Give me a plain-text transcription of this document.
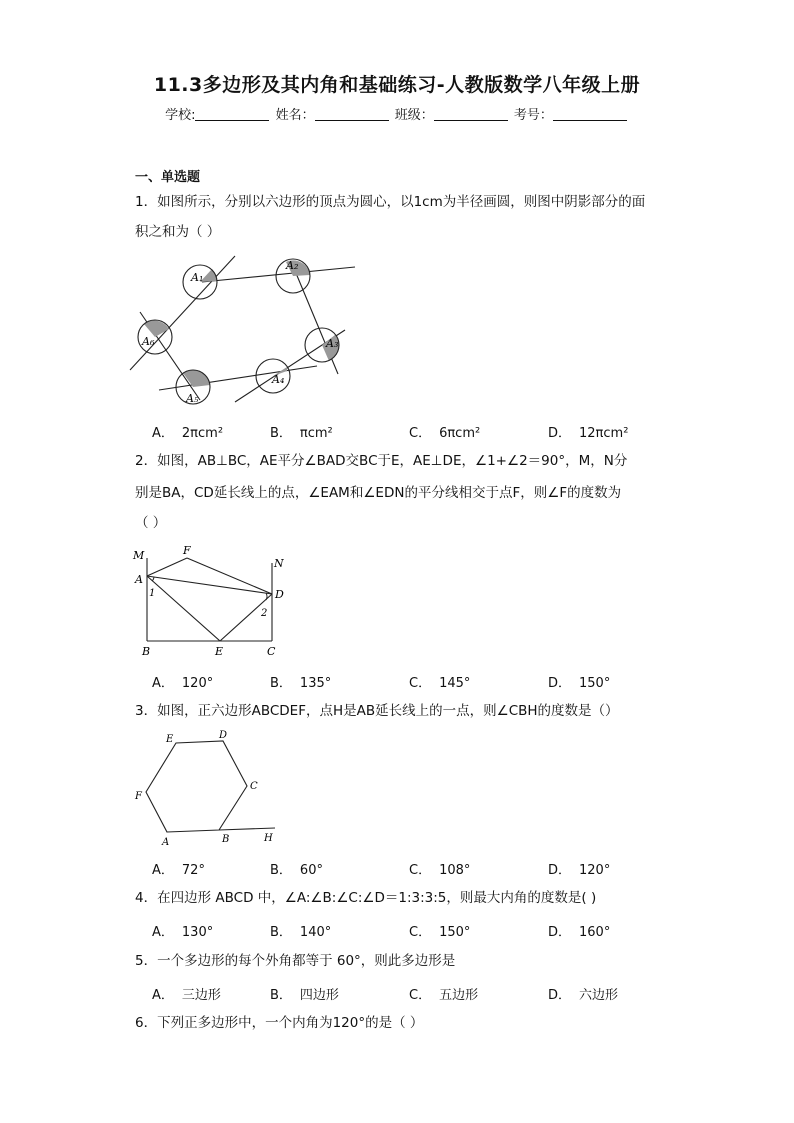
11.3多边形及其内角和基础练习-人教版数学八年级上册
学校:	姓名：	班级：	考号：
一、单选题
1．如图所示，分别以六边形的顶点为圆心，以1cm为半径画圆，则图中阴影部分的面
积之和为（ ）
A₁
A₂
A₃
A₄
A₅
A₆
A． 2πcm²	B． πcm²	C． 6πcm²	D． 12πcm²
2．如图，AB⊥BC，AE平分∠BAD交BC于E，AE⊥DE，∠1+∠2＝90°，M，N分
别是BA，CD延长线上的点，∠EAM和∠EDN的平分线相交于点F，则∠F的度数为
（ ）
M	F
N
A
1	D
2
B	E	C
A． 120°	B． 135°	C． 145°	D． 150°
3．如图，正六边形ABCDEF，点H是AB延长线上的一点，则∠CBH的度数是（）
E	D
F
C
A	B	H
A． 72°	B． 60°	C． 108°	D． 120°
4．在四边形 ABCD 中，∠A:∠B:∠C:∠D＝1:3:3:5，则最大内角的度数是( )
A． 130°	B． 140°	C． 150°	D． 160°
5．一个多边形的每个外角都等于 60°，则此多边形是
A． 三边形	B． 四边形	C． 五边形	D． 六边形
6．下列正多边形中，一个内角为120°的是（ ）
